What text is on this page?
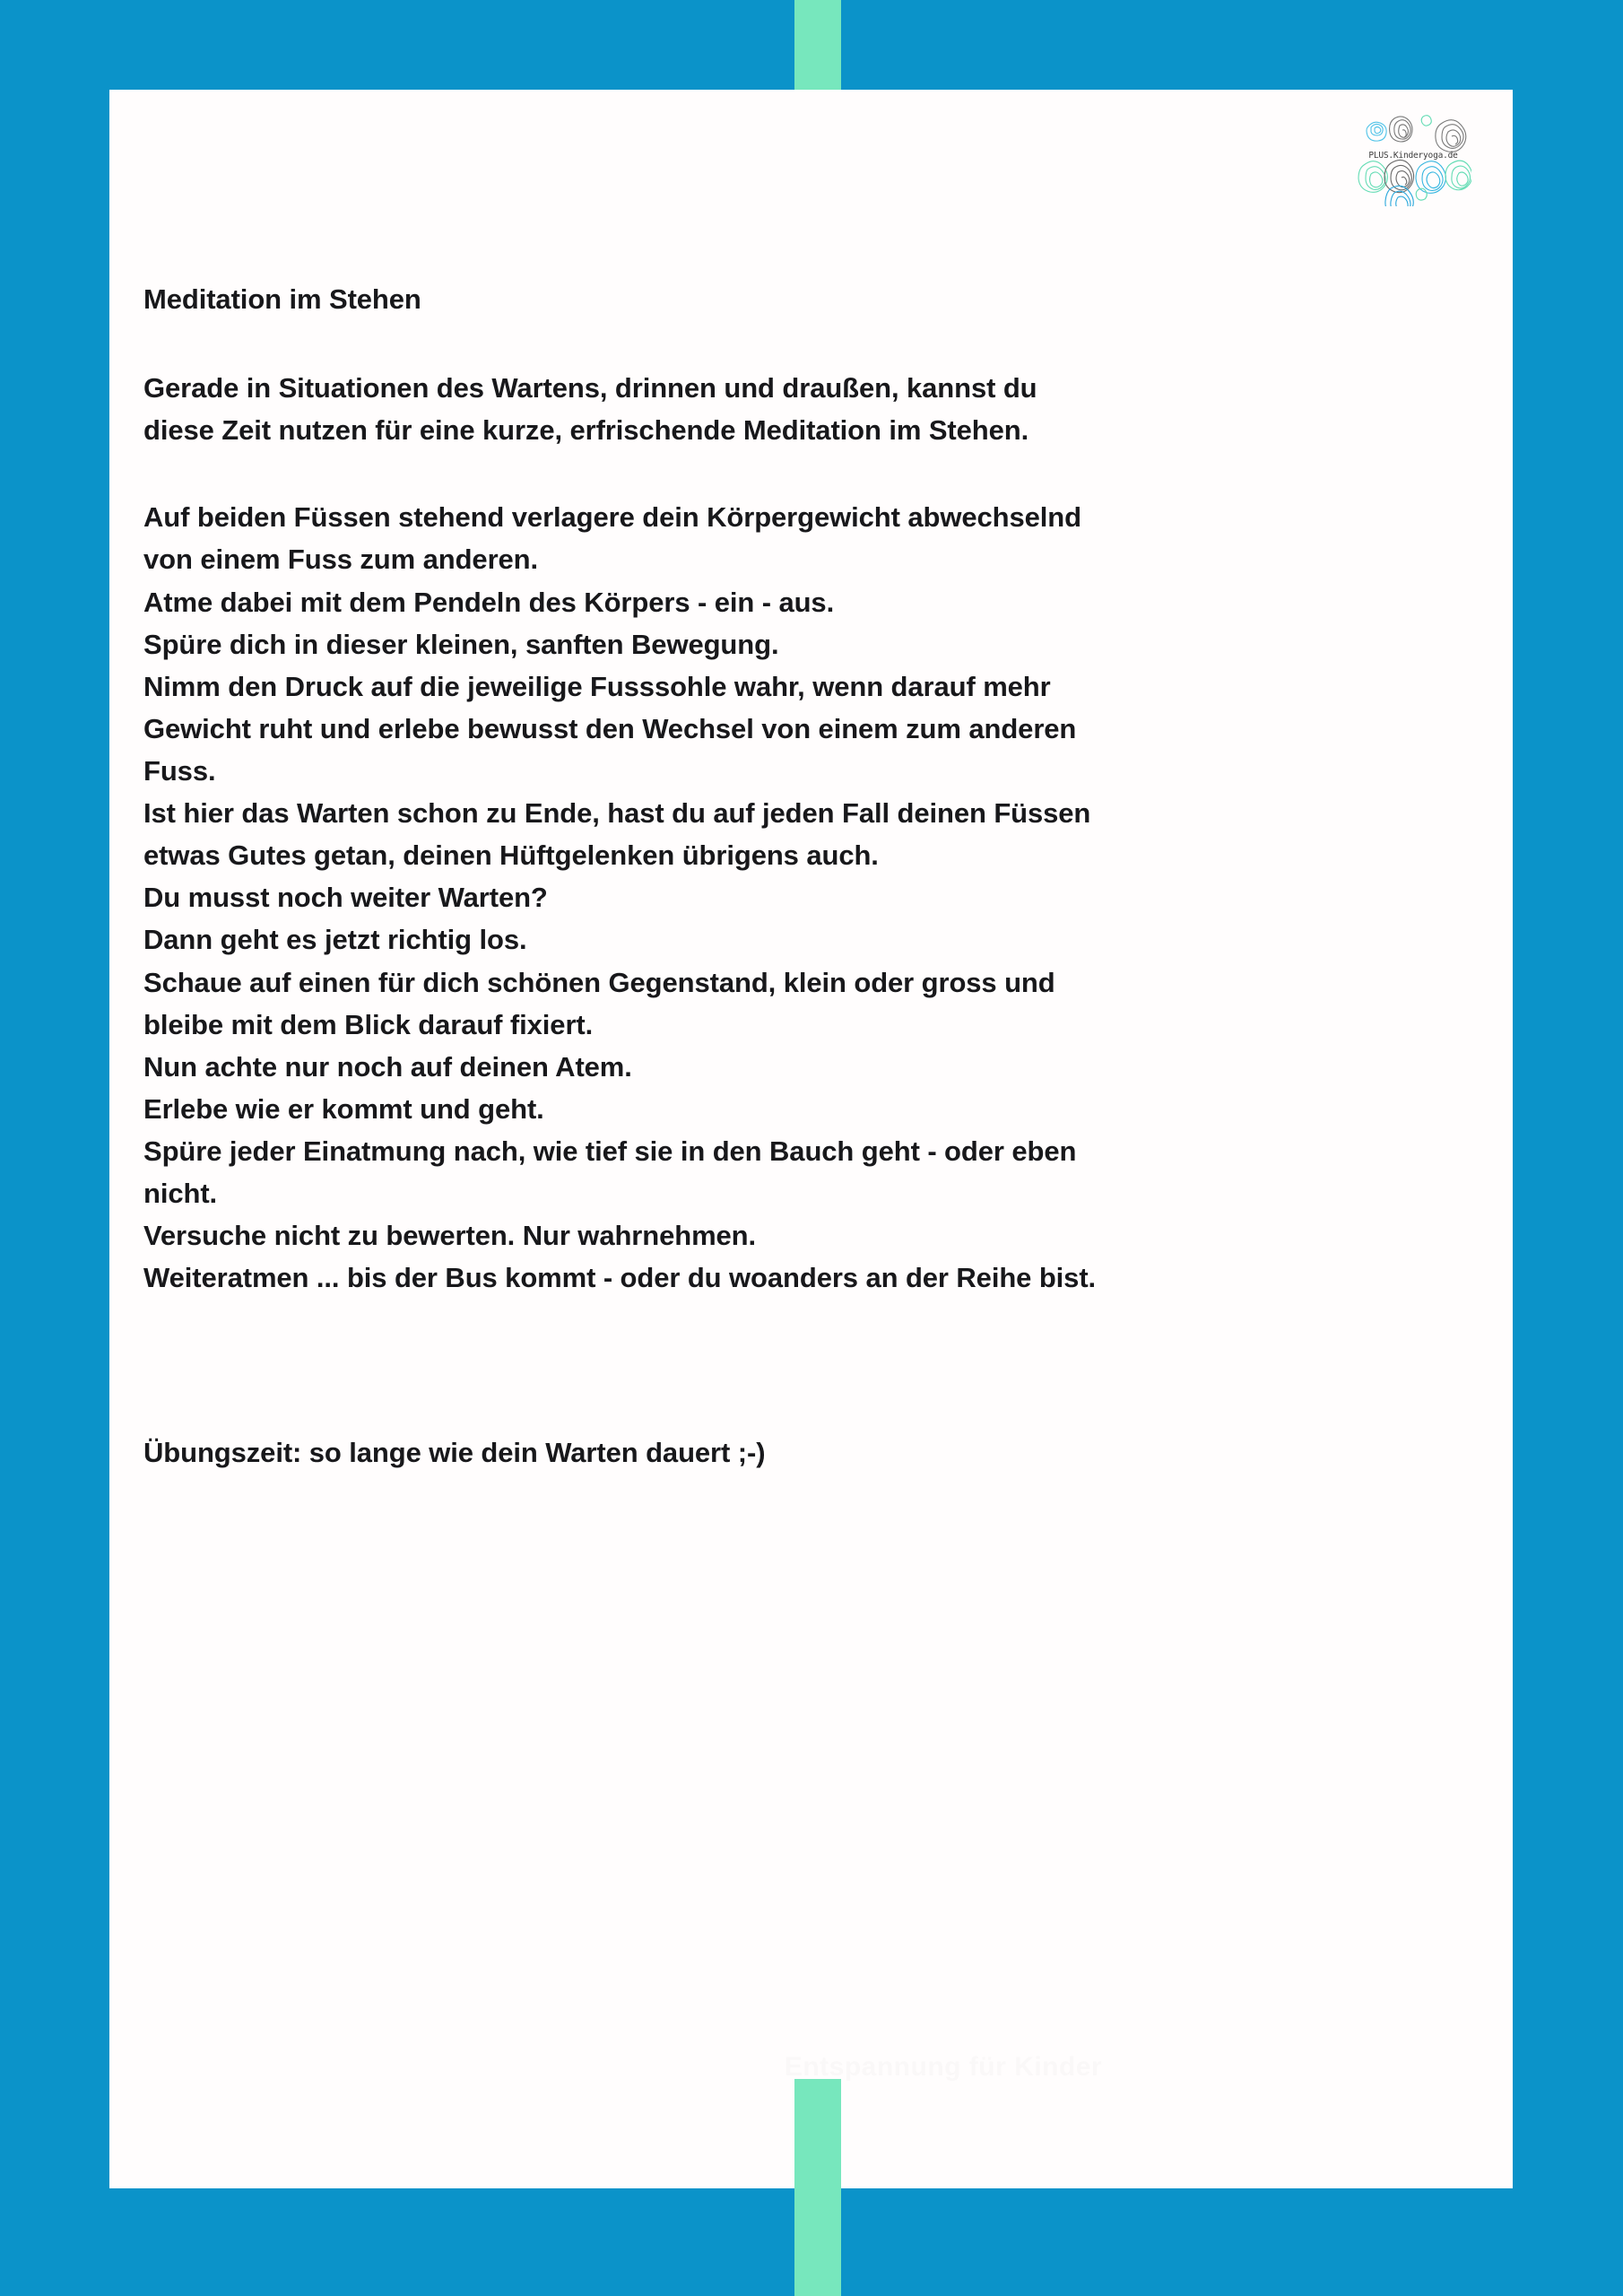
PLUS.Kinderyoga.de
Meditation im Stehen
Gerade in Situationen des Wartens, drinnen und draußen, kannst du
diese Zeit nutzen für eine kurze, erfrischende Meditation im Stehen.
Auf beiden Füssen stehend verlagere dein Körpergewicht abwechselnd
von einem Fuss zum anderen.
Atme dabei mit dem Pendeln des Körpers - ein - aus.
Spüre dich in dieser kleinen, sanften Bewegung.
Nimm den Druck auf die jeweilige Fusssohle wahr, wenn darauf mehr
Gewicht ruht und erlebe bewusst den Wechsel von einem zum anderen
Fuss.
Ist hier das Warten schon zu Ende, hast du auf jeden Fall deinen Füssen
etwas Gutes getan, deinen Hüftgelenken übrigens auch.
Du musst noch weiter Warten?
Dann geht es jetzt richtig los.
Schaue auf einen für dich schönen Gegenstand, klein oder gross und
bleibe mit dem Blick darauf fixiert.
Nun achte nur noch auf deinen Atem.
Erlebe wie er kommt und geht.
Spüre jeder Einatmung nach, wie tief sie in den Bauch geht - oder eben
nicht.
Versuche nicht zu bewerten. Nur wahrnehmen.
Weiteratmen ... bis der Bus kommt - oder du woanders an der Reihe bist.
Übungszeit: so lange wie dein Warten dauert ;-)
